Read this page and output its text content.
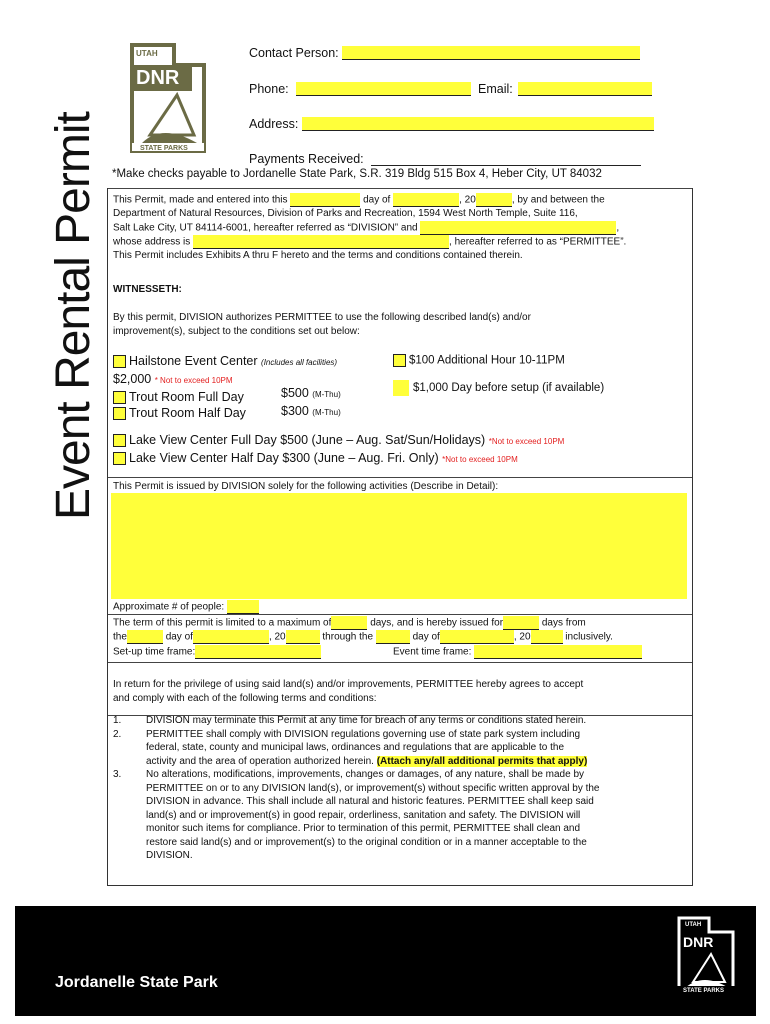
Event Rental Permit
UTAH
DNR
STATE PARKS
Contact Person:
Phone:	Email:
Address:
Payments Received:
*Make checks payable to Jordanelle State Park, S.R. 319 Bldg 515 Box 4, Heber City, UT 84032
This Permit, made and entered into this	day of	, 20	, by and between the
Department of Natural Resources, Division of Parks and Recreation, 1594 West North Temple, Suite 116,
Salt Lake City, UT 84114-6001, hereafter referred as “DIVISION” and	,
whose address is	, hereafter referred to as “PERMITTEE”.
This Permit includes Exhibits A thru F hereto and the terms and conditions contained therein.
WITNESSETH:
By this permit, DIVISION authorizes PERMITTEE to use the following described land(s) and/or
improvement(s), subject to the conditions set out below:
Hailstone Event Center (Includes all facilities)
$2,000 * Not to exceed 10PM
Trout Room Full Day
Trout Room Half Day
$500 (M-Thu)
$300 (M-Thu)
$100 Additional Hour 10-11PM
$1,000 Day before setup (if available)
Lake View Center Full Day $500 (June – Aug. Sat/Sun/Holidays) *Not to exceed 10PM
Lake View Center Half Day $300 (June – Aug. Fri. Only) *Not to exceed 10PM
This Permit is issued by DIVISION solely for the following activities (Describe in Detail):
Approximate # of people:
The term of this permit is limited to a maximum of	days, and is hereby issued for	days from
the	day of	, 20	through the	day of	, 20	inclusively.
Set-up time frame:	Event time frame:
In return for the privilege of using said land(s) and/or improvements, PERMITTEE hereby agrees to accept
and comply with each of the following terms and conditions:
1.	DIVISION may terminate this Permit at any time for breach of any terms or conditions stated herein.
2.	PERMITTEE shall comply with DIVISION regulations governing use of state park system including
federal, state, county and municipal laws, ordinances and regulations that are applicable to the
activity and the area of operation authorized herein. (Attach any/all additional permits that apply)
3.	No alterations, modifications, improvements, changes or damages, of any nature, shall be made by
PERMITTEE on or to any DIVISION land(s), or improvement(s) without specific written approval by the
DIVISION in advance. This shall include all natural and historic features. PERMITTEE shall keep said
land(s) and or improvement(s) in good repair, orderliness, sanitation and safety. The DIVISION will
monitor such items for compliance. Prior to termination of this permit, PERMITTEE shall clean and
restore said land(s) and or improvement(s) to the original condition or in a manner acceptable to the
DIVISION.
Jordanelle State Park
UTAH
DNR
STATE PARKS
